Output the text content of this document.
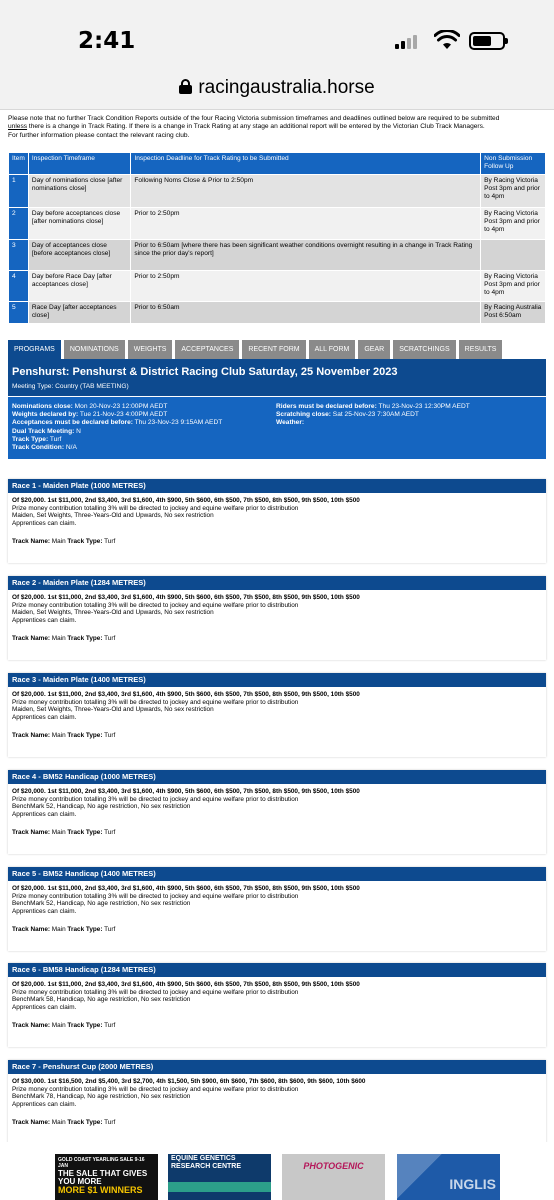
2:41
racingaustralia.horse
Please note that no further Track Condition Reports outside of the four Racing Victoria submission timeframes and deadlines outlined below are required to be submitted
unless there is a change in Track Rating. If there is a change in Track Rating at any stage an additional report will be entered by the Victorian Club Track Managers.
For further information please contact the relevant racing club.
Item	Inspection Timeframe	Inspection Deadline for Track Rating to be Submitted	Non Submission Follow Up
1	Day of nominations close [after nominations close]	Following Noms Close & Prior to 2:50pm	By Racing Victoria Post 3pm and prior to 4pm
2	Day before acceptances close [after nominations close]	Prior to 2:50pm	By Racing Victoria Post 3pm and prior to 4pm
3	Day of acceptances close [before acceptances close]	Prior to 6:50am [where there has been significant weather conditions overnight resulting in a change in Track Rating since the prior day's report]	
4	Day before Race Day [after acceptances close]	Prior to 2:50pm	By Racing Victoria Post 3pm and prior to 4pm
5	Race Day [after acceptances close]	Prior to 6:50am	By Racing Australia Post 6:50am
PROGRAMS	NOMINATIONS	WEIGHTS	ACCEPTANCES	RECENT FORM	ALL FORM	GEAR	SCRATCHINGS	RESULTS
Penshurst: Penshurst & District Racing Club Saturday, 25 November 2023
Meeting Type: Country (TAB MEETING)
Nominations close: Mon 20-Nov-23 12:00PM AEDT
Weights declared by: Tue 21-Nov-23 4:00PM AEDT
Acceptances must be declared before: Thu 23-Nov-23 9:15AM AEDT
Dual Track Meeting: N
Track Type: Turf
Track Condition: N/A
Riders must be declared before: Thu 23-Nov-23 12:30PM AEDT
Scratching close: Sat 25-Nov-23 7:30AM AEDT
Weather:
Race 1 - Maiden Plate (1000 METRES)
Of $20,000. 1st $11,000, 2nd $3,400, 3rd $1,600, 4th $900, 5th $600, 6th $500, 7th $500, 8th $500, 9th $500, 10th $500
Prize money contribution totalling 3% will be directed to jockey and equine welfare prior to distribution
Maiden, Set Weights, Three-Years-Old and Upwards, No sex restriction
Apprentices can claim.
Track Name: Main Track Type: Turf
Race 2 - Maiden Plate (1284 METRES)
Of $20,000. 1st $11,000, 2nd $3,400, 3rd $1,600, 4th $900, 5th $600, 6th $500, 7th $500, 8th $500, 9th $500, 10th $500
Prize money contribution totalling 3% will be directed to jockey and equine welfare prior to distribution
Maiden, Set Weights, Three-Years-Old and Upwards, No sex restriction
Apprentices can claim.
Track Name: Main Track Type: Turf
Race 3 - Maiden Plate (1400 METRES)
Of $20,000. 1st $11,000, 2nd $3,400, 3rd $1,600, 4th $900, 5th $600, 6th $500, 7th $500, 8th $500, 9th $500, 10th $500
Prize money contribution totalling 3% will be directed to jockey and equine welfare prior to distribution
Maiden, Set Weights, Three-Years-Old and Upwards, No sex restriction
Apprentices can claim.
Track Name: Main Track Type: Turf
Race 4 - BM52 Handicap (1000 METRES)
Of $20,000. 1st $11,000, 2nd $3,400, 3rd $1,600, 4th $900, 5th $600, 6th $500, 7th $500, 8th $500, 9th $500, 10th $500
Prize money contribution totalling 3% will be directed to jockey and equine welfare prior to distribution
BenchMark 52, Handicap, No age restriction, No sex restriction
Apprentices can claim.
Track Name: Main Track Type: Turf
Race 5 - BM52 Handicap (1400 METRES)
Of $20,000. 1st $11,000, 2nd $3,400, 3rd $1,600, 4th $900, 5th $600, 6th $500, 7th $500, 8th $500, 9th $500, 10th $500
Prize money contribution totalling 3% will be directed to jockey and equine welfare prior to distribution
BenchMark 52, Handicap, No age restriction, No sex restriction
Apprentices can claim.
Track Name: Main Track Type: Turf
Race 6 - BM58 Handicap (1284 METRES)
Of $20,000. 1st $11,000, 2nd $3,400, 3rd $1,600, 4th $900, 5th $600, 6th $500, 7th $500, 8th $500, 9th $500, 10th $500
Prize money contribution totalling 3% will be directed to jockey and equine welfare prior to distribution
BenchMark 58, Handicap, No age restriction, No sex restriction
Apprentices can claim.
Track Name: Main Track Type: Turf
Race 7 - Penshurst Cup (2000 METRES)
Of $30,000. 1st $16,500, 2nd $5,400, 3rd $2,700, 4th $1,500, 5th $900, 6th $600, 7th $600, 8th $600, 9th $600, 10th $600
Prize money contribution totalling 3% will be directed to jockey and equine welfare prior to distribution
BenchMark 78, Handicap, No age restriction, No sex restriction
Apprentices can claim.
Track Name: Main Track Type: Turf
GOLD COAST YEARLING SALE 9-16 JAN
THE SALE THAT GIVES YOU MORE
MORE $1 WINNERS
EQUINE GENETICS RESEARCH CENTRE	PHOTOGENIC
INGLIS
